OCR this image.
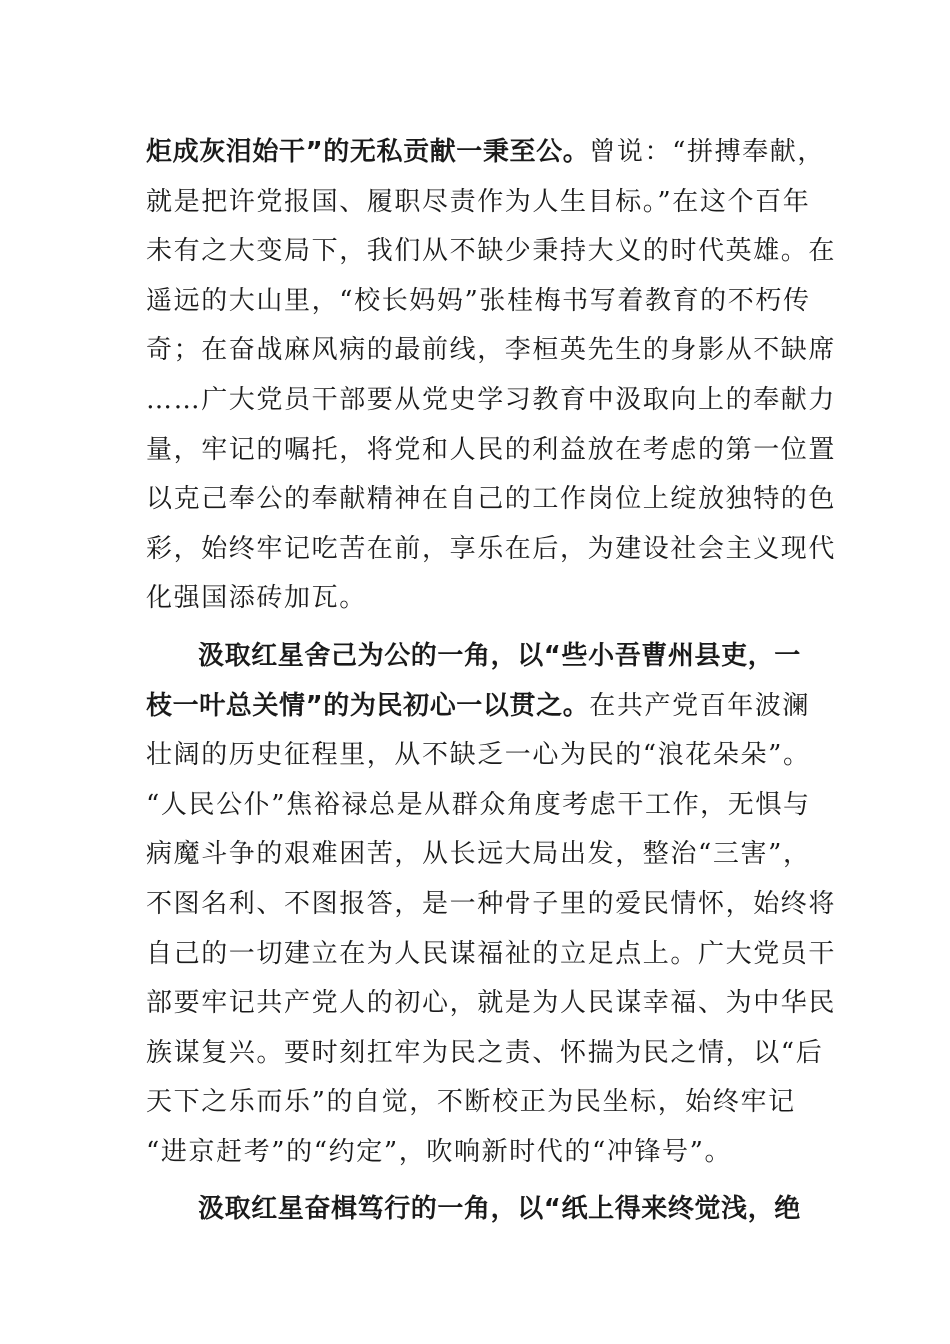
炬成灰泪始干”的无私贡献一秉至公。曾说：“拼搏奉献，
就是把许党报国、履职尽责作为人生目标。”在这个百年
未有之大变局下，我们从不缺少秉持大义的时代英雄。在
遥远的大山里，“校长妈妈”张桂梅书写着教育的不朽传
奇；在奋战麻风病的最前线，李桓英先生的身影从不缺席
……广大党员干部要从党史学习教育中汲取向上的奉献力
量，牢记的嘱托，将党和人民的利益放在考虑的第一位置
以克己奉公的奉献精神在自己的工作岗位上绽放独特的色
彩，始终牢记吃苦在前，享乐在后，为建设社会主义现代
化强国添砖加瓦。
汲取红星舍己为公的一角，以“些小吾曹州县吏，一
枝一叶总关情”的为民初心一以贯之。在共产党百年波澜
壮阔的历史征程里，从不缺乏一心为民的“浪花朵朵”。
“人民公仆”焦裕禄总是从群众角度考虑干工作，无惧与
病魔斗争的艰难困苦，从长远大局出发，整治“三害”，
不图名利、不图报答，是一种骨子里的爱民情怀，始终将
自己的一切建立在为人民谋福祉的立足点上。广大党员干
部要牢记共产党人的初心，就是为人民谋幸福、为中华民
族谋复兴。要时刻扛牢为民之责、怀揣为民之情，以“后
天下之乐而乐”的自觉，不断校正为民坐标，始终牢记
“进京赶考”的“约定”，吹响新时代的“冲锋号”。
汲取红星奋楫笃行的一角，以“纸上得来终觉浅，绝
